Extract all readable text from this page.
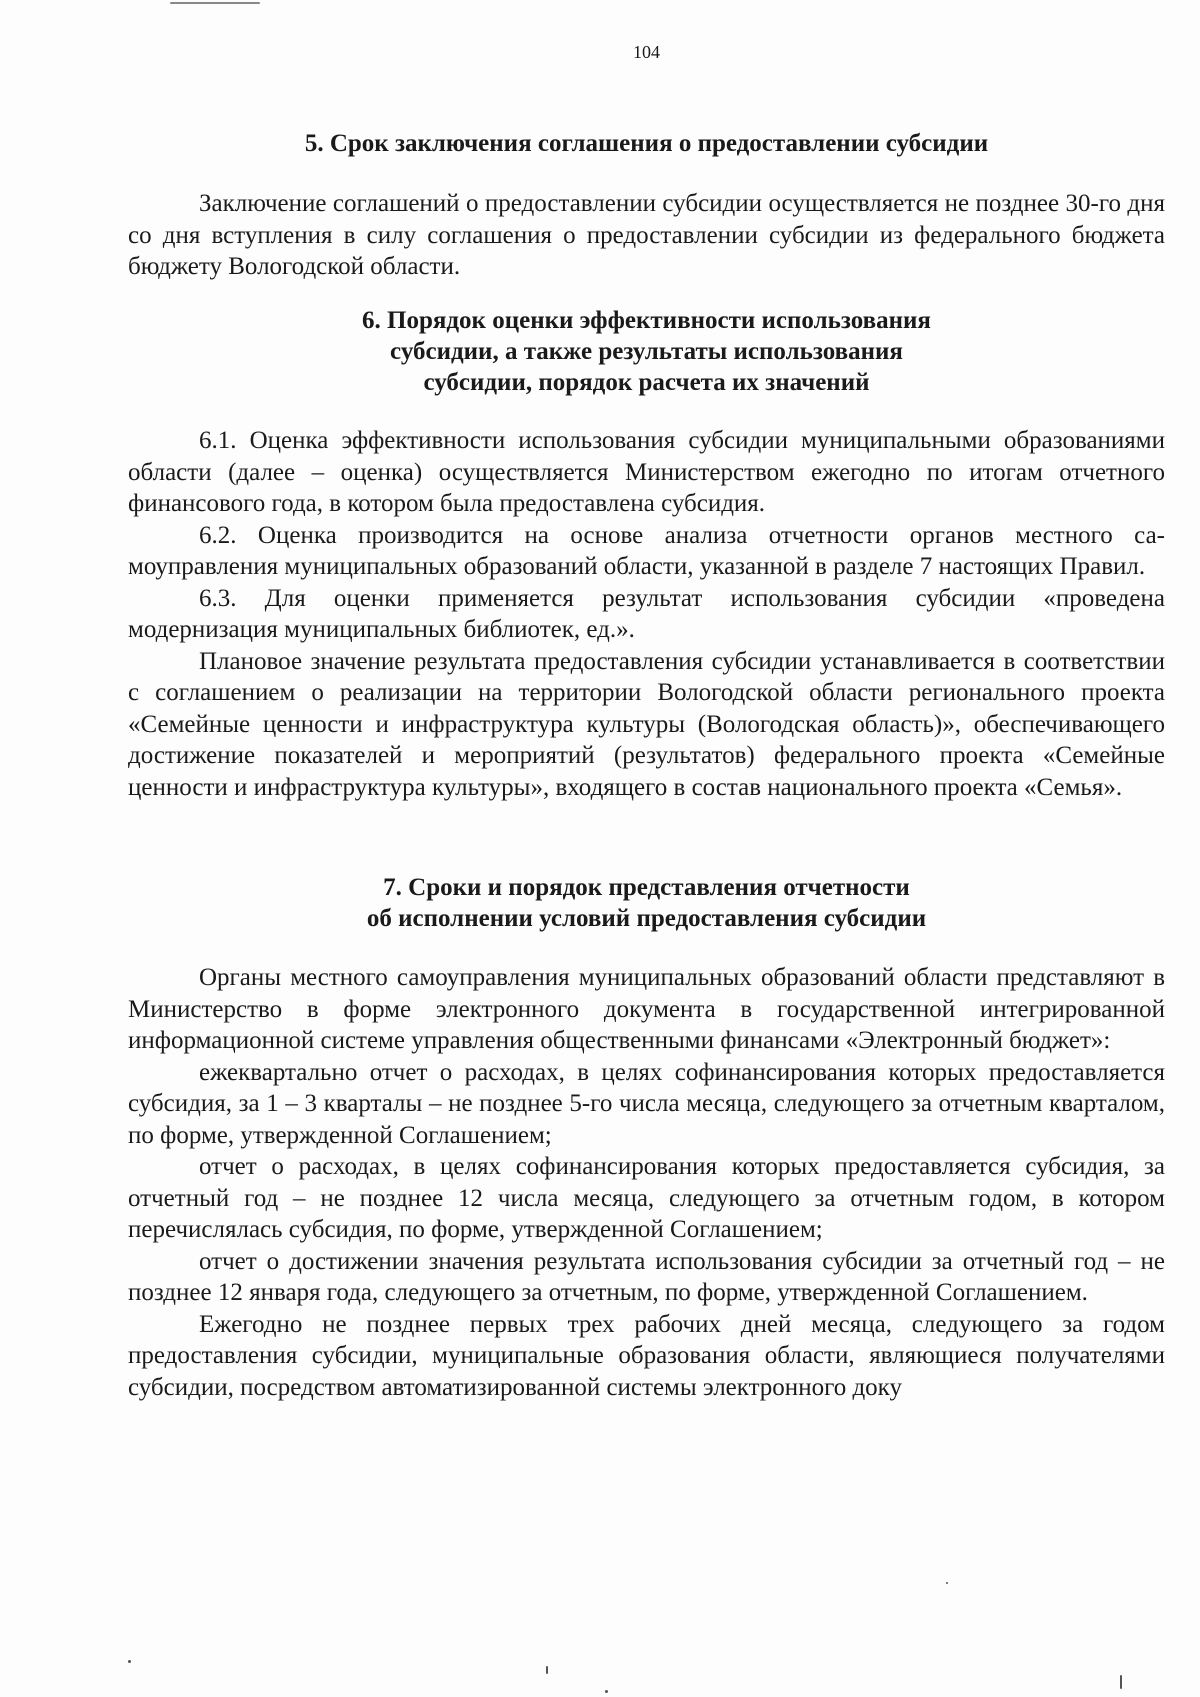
104
5. Срок заключения соглашения о предоставлении субсидии

Заключение соглашений о предоставлении субсидии осуществляется не позднее 30-го дня со дня вступления в силу соглашения о предоставлении субсидии из федерального бюджета бюджету Вологодской области.

6. Порядок оценки эффективности использования
субсидии, а также результаты использования
субсидии, порядок расчета их значений

6.1. Оценка эффективности использования субсидии муниципальными образованиями области (далее – оценка) осуществляется Министерством ежегодно по итогам отчетного финансового года, в котором была предоставлена субсидия.

6.2. Оценка производится на основе анализа отчетности органов местного самоуправления муниципальных образований области, указанной в разделе 7 настоящих Правил.

6.3. Для оценки применяется результат использования субсидии «проведена модернизация муниципальных библиотек, ед.».

Плановое значение результата предоставления субсидии устанавливается в соответствии с соглашением о реализации на территории Вологодской области регионального проекта «Семейные ценности и инфраструктура культуры (Вологодская область)», обеспечивающего достижение показателей и мероприятий (результатов) федерального проекта «Семейные ценности и инфраструктура культуры», входящего в состав национального проекта «Семья».

7. Сроки и порядок представления отчетности
об исполнении условий предоставления субсидии

Органы местного самоуправления муниципальных образований области представляют в Министерство в форме электронного документа в государственной интегрированной информационной системе управления общественными финансами «Электронный бюджет»:

ежеквартально отчет о расходах, в целях софинансирования которых предоставляется субсидия, за 1 – 3 кварталы – не позднее 5-го числа месяца, следующего за отчетным кварталом, по форме, утвержденной Соглашением;

отчет о расходах, в целях софинансирования которых предоставляется субсидия, за отчетный год – не позднее 12 числа месяца, следующего за отчетным годом, в котором перечислялась субсидия, по форме, утвержденной Соглашением;

отчет о достижении значения результата использования субсидии за отчетный год – не позднее 12 января года, следующего за отчетным, по форме, утвержденной Соглашением.

Ежегодно не позднее первых трех рабочих дней месяца, следующего за годом предоставления субсидии, муниципальные образования области, являющиеся получателями субсидии, посредством автоматизированной системы электронного доку
